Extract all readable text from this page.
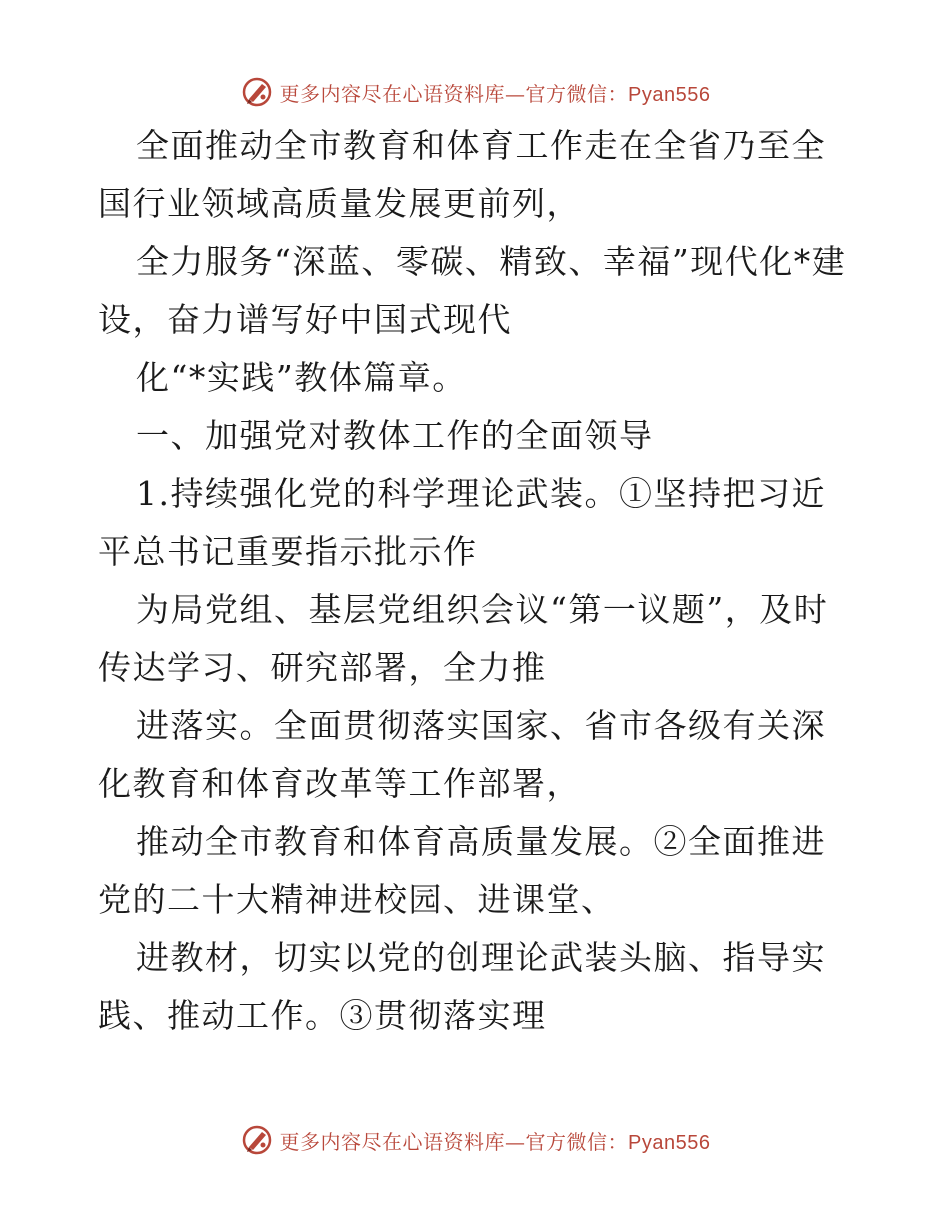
更多内容尽在心语资料库—官方微信：Pyan556

全面推动全市教育和体育工作走在全省乃至全国行业领域高质量发展更前列，

全力服务“深蓝、零碳、精致、幸福”现代化*建设，奋力谱写好中国式现代

化“*实践”教体篇章。

一、加强党对教体工作的全面领导

1.持续强化党的科学理论武装。①坚持把习近平总书记重要指示批示作

为局党组、基层党组织会议“第一议题”，及时传达学习、研究部署，全力推

进落实。全面贯彻落实国家、省市各级有关深化教育和体育改革等工作部署，

推动全市教育和体育高质量发展。②全面推进党的二十大精神进校园、进课堂、

进教材，切实以党的创理论武装头脑、指导实践、推动工作。③贯彻落实理

更多内容尽在心语资料库—官方微信：Pyan556
